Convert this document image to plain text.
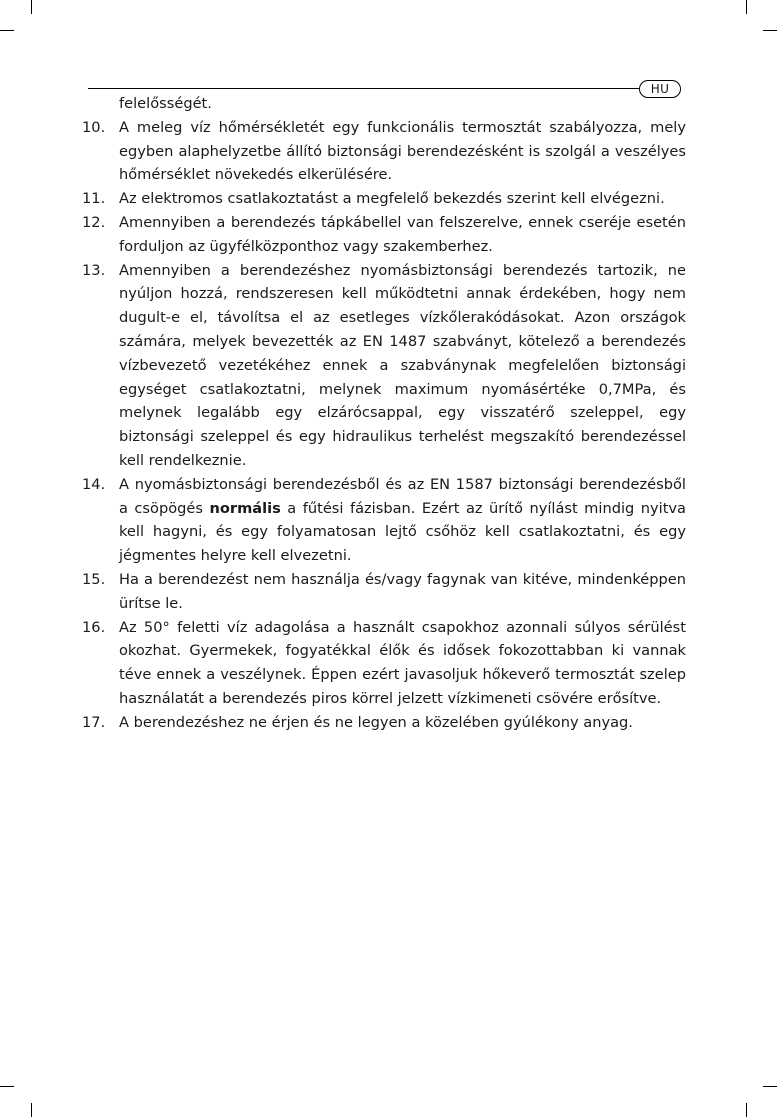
HU
felelősségét.
10. A meleg víz hőmérsékletét egy funkcionális termosztát szabályozza, mely egyben alaphelyzetbe állító biztonsági berendezésként is szolgál a veszélyes hőmérséklet növekedés elkerülésére.
11. Az elektromos csatlakoztatást a megfelelő bekezdés szerint kell elvégezni.
12. Amennyiben a berendezés tápkábellel van felszerelve, ennek cseréje esetén forduljon az ügyfélközponthoz vagy szakemberhez.
13. Amennyiben a berendezéshez nyomásbiztonsági berendezés tartozik, ne nyúljon hozzá, rendszeresen kell működtetni annak érdekében, hogy nem dugult-e el, távolítsa el az esetleges vízkőlerakódásokat. Azon országok számára, melyek bevezették az EN 1487 szabványt, kötelező a berendezés vízbevezető vezetékéhez ennek a szabványnak megfelelően biztonsági egységet csatlakoztatni, melynek maximum nyomásértéke 0,7MPa, és melynek legalább egy elzárócsappal, egy visszatérő szeleppel, egy biztonsági szeleppel és egy hidraulikus terhelést megszakító berendezéssel kell rendelkeznie.
14. A nyomásbiztonsági berendezésből és az EN 1587 biztonsági berendezésből a csöpögés normális a fűtési fázisban. Ezért az ürítő nyílást mindig nyitva kell hagyni, és egy folyamatosan lejtő csőhöz kell csatlakoztatni, és egy jégmentes helyre kell elvezetni.
15. Ha a berendezést nem használja és/vagy fagynak van kitéve, mindenképpen ürítse le.
16. Az 50° feletti víz adagolása a használt csapokhoz azonnali súlyos sérülést okozhat. Gyermekek, fogyatékkal élők és idősek fokozottabban ki vannak téve ennek a veszélynek. Éppen ezért javasoljuk hőkeverő termosztát szelep használatát a berendezés piros körrel jelzett vízkimeneti csövére erősítve.
17. A berendezéshez ne érjen és ne legyen a közelében gyúlékony anyag.
